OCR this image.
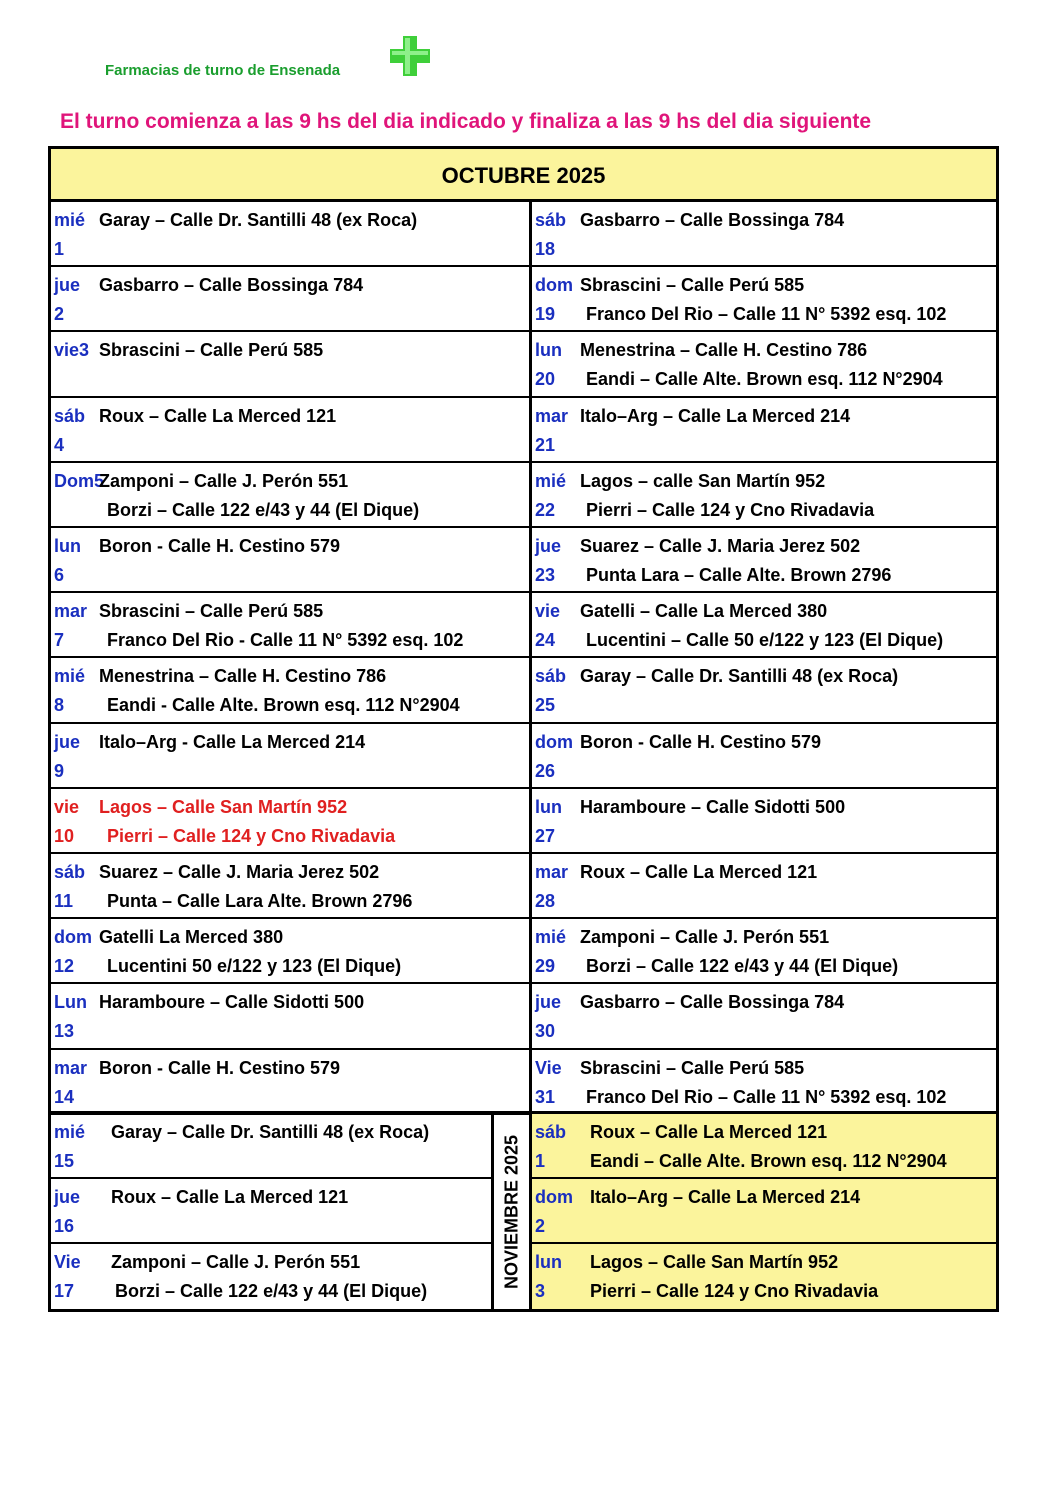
Farmacias de turno de Ensenada
El turno comienza a las 9 hs del dia indicado y finaliza a las 9 hs del dia siguiente
OCTUBRE 2025
mié
1
Garay – Calle Dr. Santilli 48 (ex Roca)
jue
2
Gasbarro – Calle Bossinga 784
vie3 Sbrascini – Calle Perú 585
sáb
4
Roux – Calle La Merced 121
Dom5
Zamponi – Calle J. Perón 551
Borzi – Calle 122 e/43 y 44 (El Dique)
lun
6
Boron - Calle H. Cestino 579
mar
7
Sbrascini – Calle Perú 585
Franco Del Rio - Calle 11 N° 5392 esq. 102
mié
8
Menestrina – Calle H. Cestino 786
Eandi - Calle Alte. Brown esq. 112 N°2904
jue
9
Italo–Arg - Calle La Merced 214
vie
10
Lagos – Calle San Martín 952
Pierri – Calle 124 y Cno Rivadavia
sáb
11
Suarez – Calle J. Maria Jerez 502
Punta – Calle Lara Alte. Brown 2796
dom
12
Gatelli La Merced 380
Lucentini 50 e/122 y 123 (El Dique)
Lun
13
Haramboure – Calle Sidotti 500
mar
14
Boron - Calle H. Cestino 579
sáb
18
Gasbarro – Calle Bossinga 784
dom
19
Sbrascini – Calle Perú 585
Franco Del Rio – Calle 11 N° 5392 esq. 102
lun
20
Menestrina – Calle H. Cestino 786
Eandi – Calle Alte. Brown esq. 112 N°2904
mar
21
Italo–Arg – Calle La Merced 214
mié
22
Lagos – calle San Martín 952
Pierri – Calle 124 y Cno Rivadavia
jue
23
Suarez – Calle J. Maria Jerez 502
Punta Lara – Calle Alte. Brown 2796
vie
24
Gatelli – Calle La Merced 380
Lucentini – Calle 50 e/122 y 123 (El Dique)
sáb
25
Garay – Calle Dr. Santilli 48 (ex Roca)
dom
26
Boron - Calle H. Cestino 579
lun
27
Haramboure – Calle Sidotti 500
mar
28
Roux – Calle La Merced 121
mié
29
Zamponi – Calle J. Perón 551
Borzi – Calle 122 e/43 y 44 (El Dique)
jue
30
Gasbarro – Calle Bossinga 784
Vie
31
Sbrascini – Calle Perú 585
Franco Del Rio – Calle 11 N° 5392 esq. 102
mié
15
Garay – Calle Dr. Santilli 48 (ex Roca)
jue
16
Roux – Calle La Merced 121
Vie
17
Zamponi – Calle J. Perón 551
Borzi – Calle 122 e/43 y 44 (El Dique)
NOVIEMBRE 2025
sáb
1
Roux – Calle La Merced 121
Eandi – Calle Alte. Brown esq. 112 N°2904
dom
2
Italo–Arg – Calle La Merced 214
lun
3
Lagos – Calle San Martín 952
Pierri – Calle 124 y Cno Rivadavia
